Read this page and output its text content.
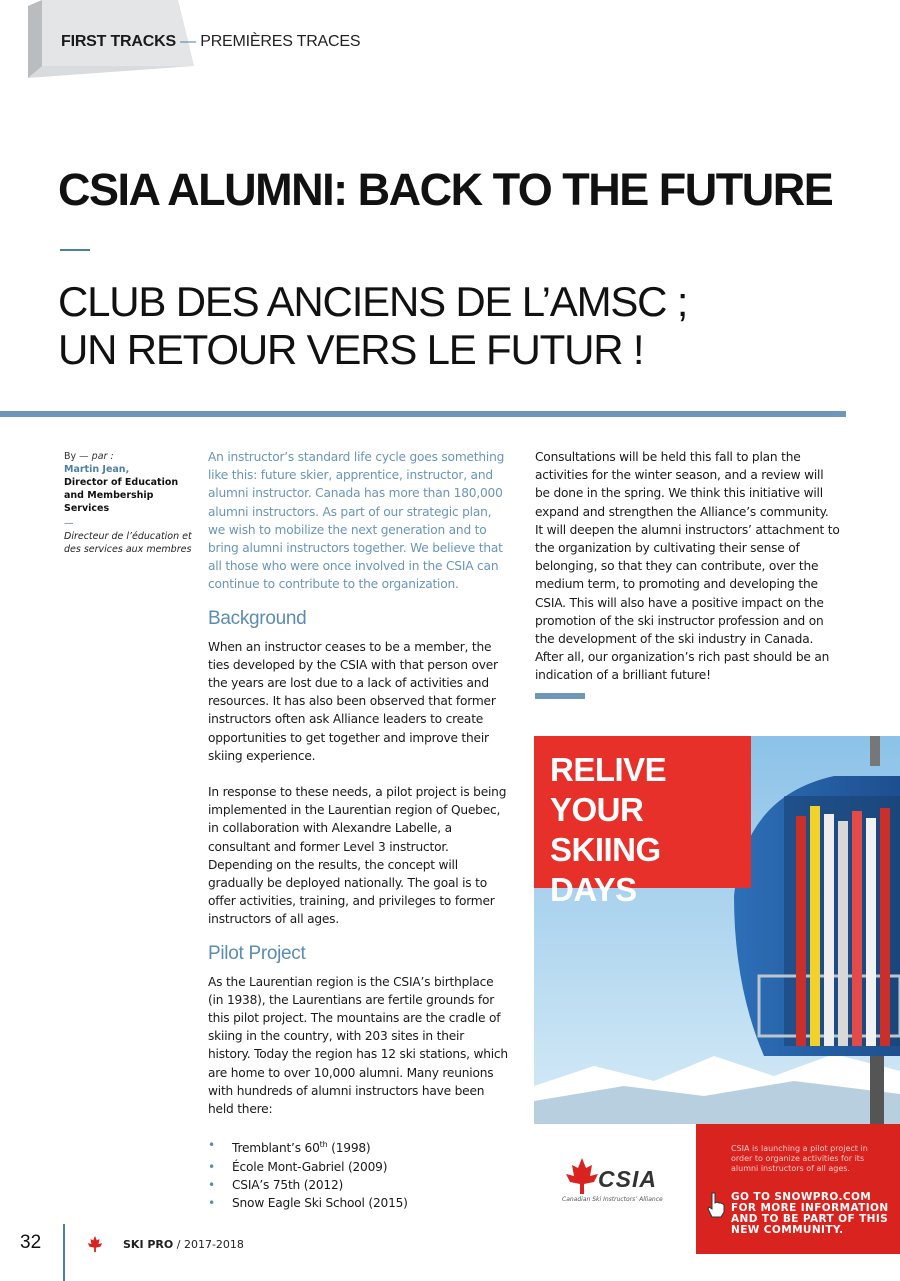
FIRST TRACKS — PREMIÈRES TRACES
CSIA ALUMNI: BACK TO THE FUTURE
CLUB DES ANCIENS DE L’AMSC ;
UN RETOUR VERS LE FUTUR !
By — par :
Martin Jean,
Director of Education and Membership Services
—
Directeur de l’éducation et des services aux membres

An instructor’s standard life cycle goes something like this: future skier, apprentice, instructor, and alumni instructor. Canada has more than 180,000 alumni instructors. As part of our strategic plan, we wish to mobilize the next generation and to bring alumni instructors together. We believe that all those who were once involved in the CSIA can continue to contribute to the organization.

Background

When an instructor ceases to be a member, the ties developed by the CSIA with that person over the years are lost due to a lack of activities and resources. It has also been observed that former instructors often ask Alliance leaders to create opportunities to get together and improve their skiing experience.

In response to these needs, a pilot project is being implemented in the Laurentian region of Quebec, in collaboration with Alexandre Labelle, a consultant and former Level 3 instructor. Depending on the results, the concept will gradually be deployed nationally. The goal is to offer activities, training, and privileges to former instructors of all ages.

Pilot Project

As the Laurentian region is the CSIA’s birthplace (in 1938), the Laurentians are fertile grounds for this pilot project. The mountains are the cradle of skiing in the country, with 203 sites in their history. Today the region has 12 ski stations, which are home to over 10,000 alumni. Many reunions with hundreds of alumni instructors have been held there:

• Tremblant’s 60th (1998)
• École Mont-Gabriel (2009)
• CSIA’s 75th (2012)
• Snow Eagle Ski School (2015)

Consultations will be held this fall to plan the activities for the winter season, and a review will be done in the spring. We think this initiative will expand and strengthen the Alliance’s community. It will deepen the alumni instructors’ attachment to the organization by cultivating their sense of belonging, so that they can contribute, over the medium term, to promoting and developing the CSIA. This will also have a positive impact on the promotion of the ski instructor profession and on the development of the ski industry in Canada. After all, our organization’s rich past should be an indication of a brilliant future!

RELIVE
YOUR SKIING
DAYS
CSIA
Canadian Ski Instructors’ Alliance
CSIA is launching a pilot project in order to organize activities for its alumni instructors of all ages.
GO TO SNOWPRO.COM FOR MORE INFORMATION AND TO BE PART OF THIS NEW COMMUNITY.
32	SKI PRO / 2017-2018
